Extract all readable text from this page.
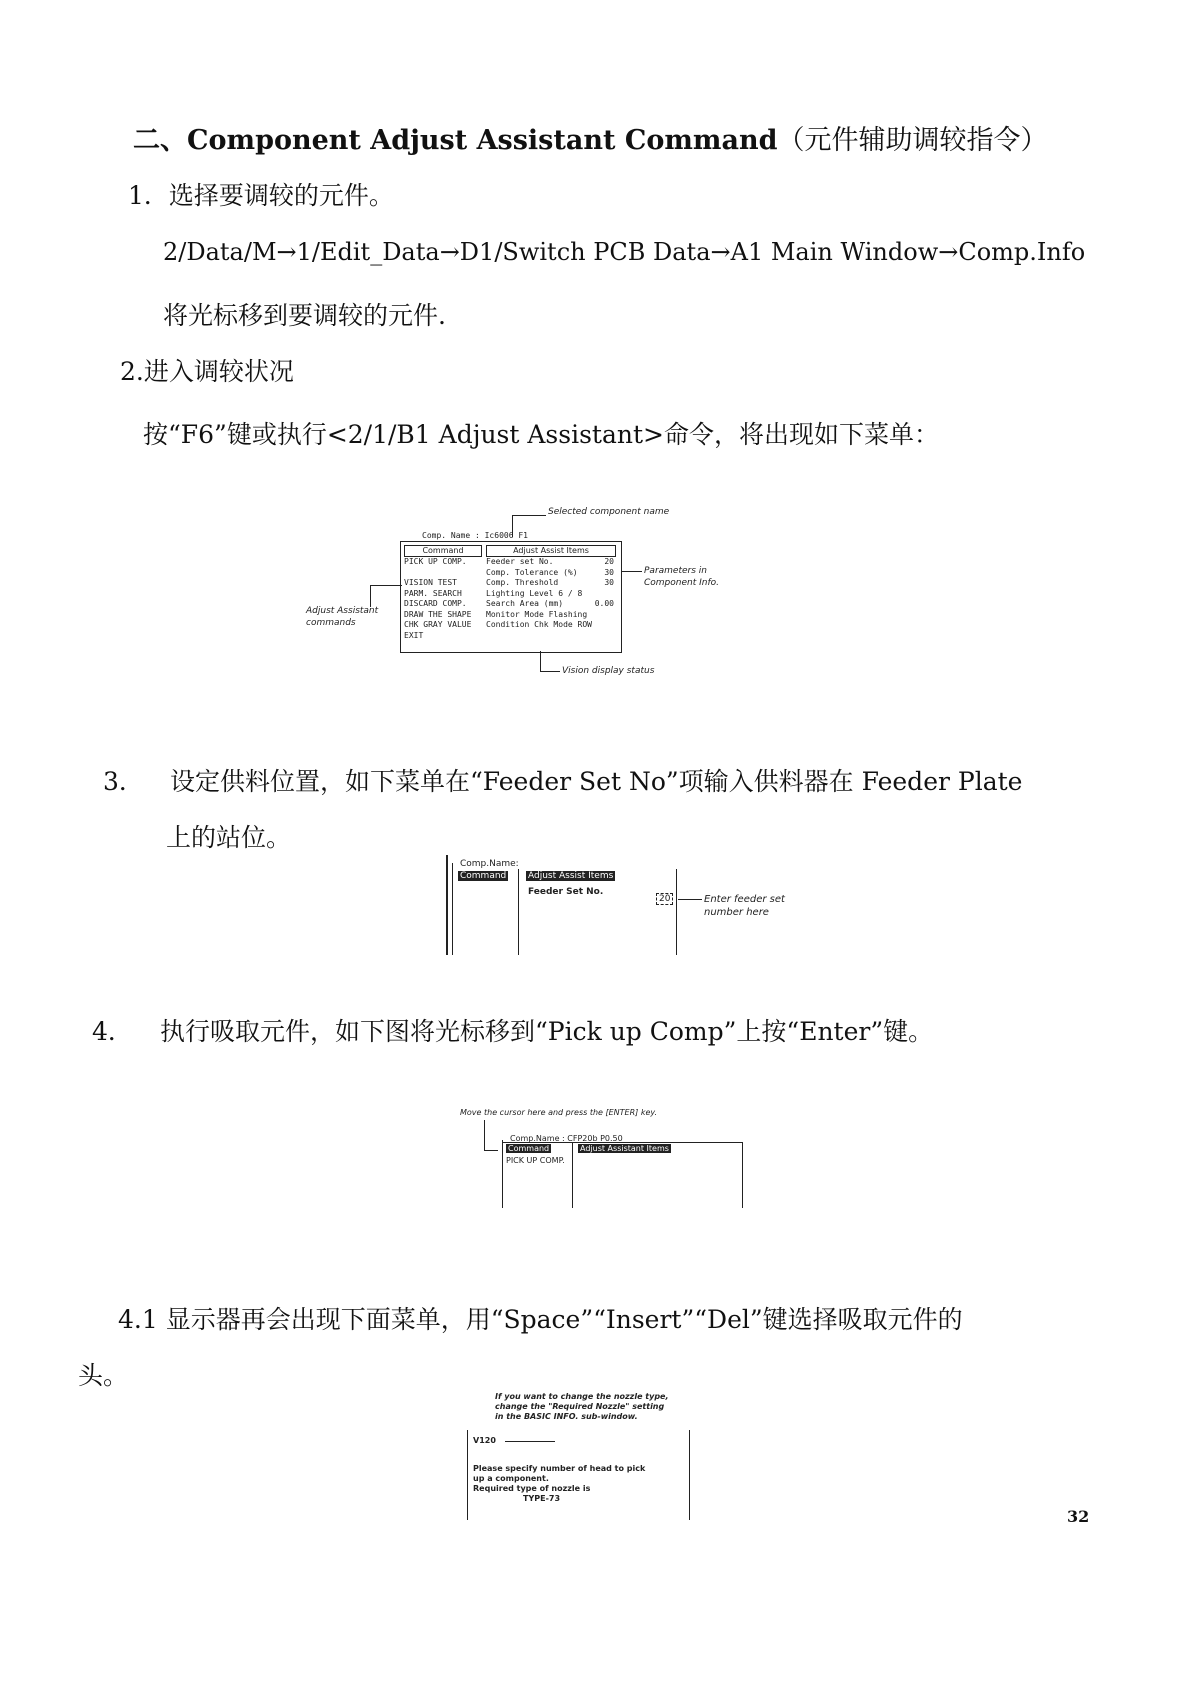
二、Component Adjust Assistant Command（元件辅助调较指令）
1．选择要调较的元件。
2/Data/M→1/Edit_Data→D1/Switch PCB Data→A1 Main Window→Comp.Info
将光标移到要调较的元件.
2.进入调较状况
按“F6”键或执行<2/1/B1 Adjust Assistant>命令，将出现如下菜单：
Selected component name
Comp. Name : Ic6006 F1
Command	Adjust Assist Items
PICK UP COMP.
VISION TEST
PARM. SEARCH
DISCARD COMP.
DRAW THE SHAPE
CHK GRAY VALUE
EXIT
Feeder set No.	20
Comp. Tolerance (%)	30
Comp. Threshold	30
Lighting Level 6 / 8
Search Area (mm)	0.00
Monitor Mode Flashing
Condition Chk Mode ROW
Parameters in
Component Info.
Adjust Assistant
commands
Vision display status
3． 设定供料位置，如下菜单在“Feeder Set No”项输入供料器在 Feeder Plate
上的站位。
Comp.Name:
Command Adjust Assist Items
Feeder Set No.
20	Enter feeder set
number here
4． 执行吸取元件，如下图将光标移到“Pick up Comp”上按“Enter”键。
Move the cursor here and press the [ENTER] key.
Comp.Name : CFP20b P0.50
Command
PICK UP COMP.
Adjust Assistant Items
4.1 显示器再会出现下面菜单，用“Space”“Insert”“Del”键选择吸取元件的
头。
If you want to change the nozzle type,
change the "Required Nozzle" setting
in the BASIC INFO. sub-window.
V120
Please specify number of head to pick
up a component.
Required type of nozzle is
TYPE-73
32
